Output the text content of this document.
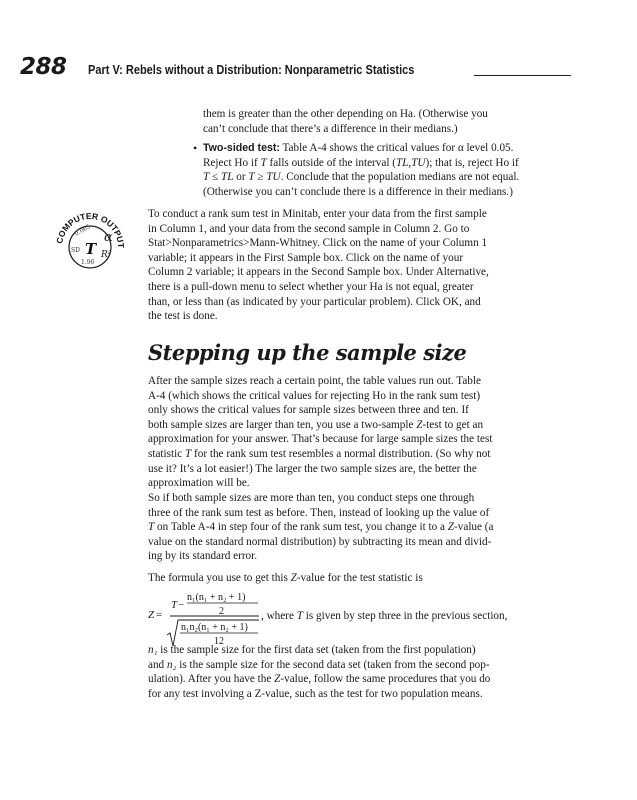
288 Part V: Rebels without a Distribution: Nonparametric Statistics

them is greater than the other depending on Ha. (Otherwise you

can’t conclude that there’s a difference in their medians.)

• Two-sided test: Table A-4 shows the critical values for α level 0.05.

Reject Ho if T falls outside of the interval (TL,TU); that is, reject Ho if

T ≤ TL or T ≥ TU. Conclude that the population medians are not equal.

(Otherwise you can’t conclude there is a difference in their medians.)

COMPUTER OUTPUT
0.065 α
SD T R²
1.96

To conduct a rank sum test in Minitab, enter your data from the first sample

in Column 1, and your data from the second sample in Column 2. Go to

Stat>Nonparametrics>Mann-Whitney. Click on the name of your Column 1

variable; it appears in the First Sample box. Click on the name of your

Column 2 variable; it appears in the Second Sample box. Under Alternative,

there is a pull-down menu to select whether your Ha is not equal, greater

than, or less than (as indicated by your particular problem). Click OK, and

the test is done.

Stepping up the sample size

After the sample sizes reach a certain point, the table values run out. Table

A-4 (which shows the critical values for rejecting Ho in the rank sum test)

only shows the critical values for sample sizes between three and ten. If

both sample sizes are larger than ten, you use a two-sample Z-test to get an

approximation for your answer. That’s because for large sample sizes the test

statistic T for the rank sum test resembles a normal distribution. (So why not

use it? It’s a lot easier!) The larger the two sample sizes are, the better the

approximation will be.

So if both sample sizes are more than ten, you conduct steps one through

three of the rank sum test as before. Then, instead of looking up the value of

T on Table A-4 in step four of the rank sum test, you change it to a Z-value (a

value on the standard normal distribution) by subtracting its mean and divid-

ing by its standard error.

The formula you use to get this Z-value for the test statistic is

Z =
T −
n₁(n₁ + n₂ + 1)
2
n₁n₂(n₁ + n₂ + 1)
12
, where T is given by step three in the previous section,

n₁ is the sample size for the first data set (taken from the first population)

and n₂ is the sample size for the second data set (taken from the second pop-

ulation). After you have the Z-value, follow the same procedures that you do

for any test involving a Z-value, such as the test for two population means.
